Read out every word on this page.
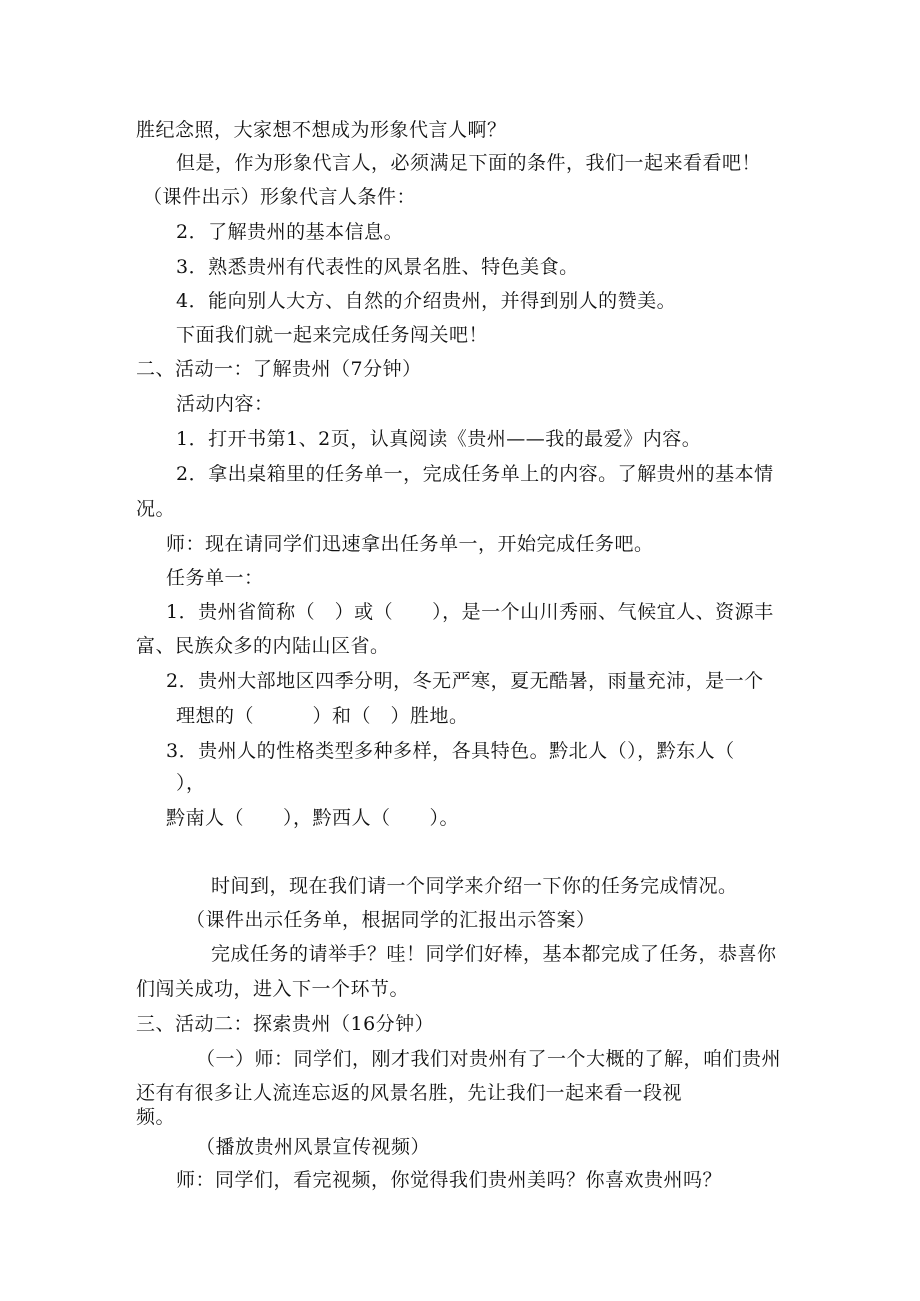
胜纪念照，大家想不想成为形象代言人啊？
但是，作为形象代言人，必须满足下面的条件，我们一起来看看吧！
（课件出示）形象代言人条件：
2．了解贵州的基本信息。
3．熟悉贵州有代表性的风景名胜、特色美食。
4．能向别人大方、自然的介绍贵州，并得到别人的赞美。
下面我们就一起来完成任务闯关吧！
二、活动一：了解贵州（7分钟）
活动内容：
1．打开书第1、2页，认真阅读《贵州——我的最爱》内容。
2．拿出桌箱里的任务单一，完成任务单上的内容。了解贵州的基本情
况。
师：现在请同学们迅速拿出任务单一，开始完成任务吧。
任务单一：
1．贵州省简称（　）或（　　），是一个山川秀丽、气候宜人、资源丰
富、民族众多的内陆山区省。
2．贵州大部地区四季分明，冬无严寒，夏无酷暑，雨量充沛，是一个
理想的（　　　）和（　）胜地。
3．贵州人的性格类型多种多样，各具特色。黔北人（），黔东人（
），
黔南人（　　），黔西人（　　）。
时间到，现在我们请一个同学来介绍一下你的任务完成情况。
（课件出示任务单，根据同学的汇报出示答案）
完成任务的请举手？哇！同学们好棒，基本都完成了任务，恭喜你
们闯关成功，进入下一个环节。
三、活动二：探索贵州（16分钟）
（一）师：同学们，刚才我们对贵州有了一个大概的了解，咱们贵州
还有有很多让人流连忘返的风景名胜，先让我们一起来看一段视
频。
（播放贵州风景宣传视频）
师：同学们，看完视频，你觉得我们贵州美吗？你喜欢贵州吗？
